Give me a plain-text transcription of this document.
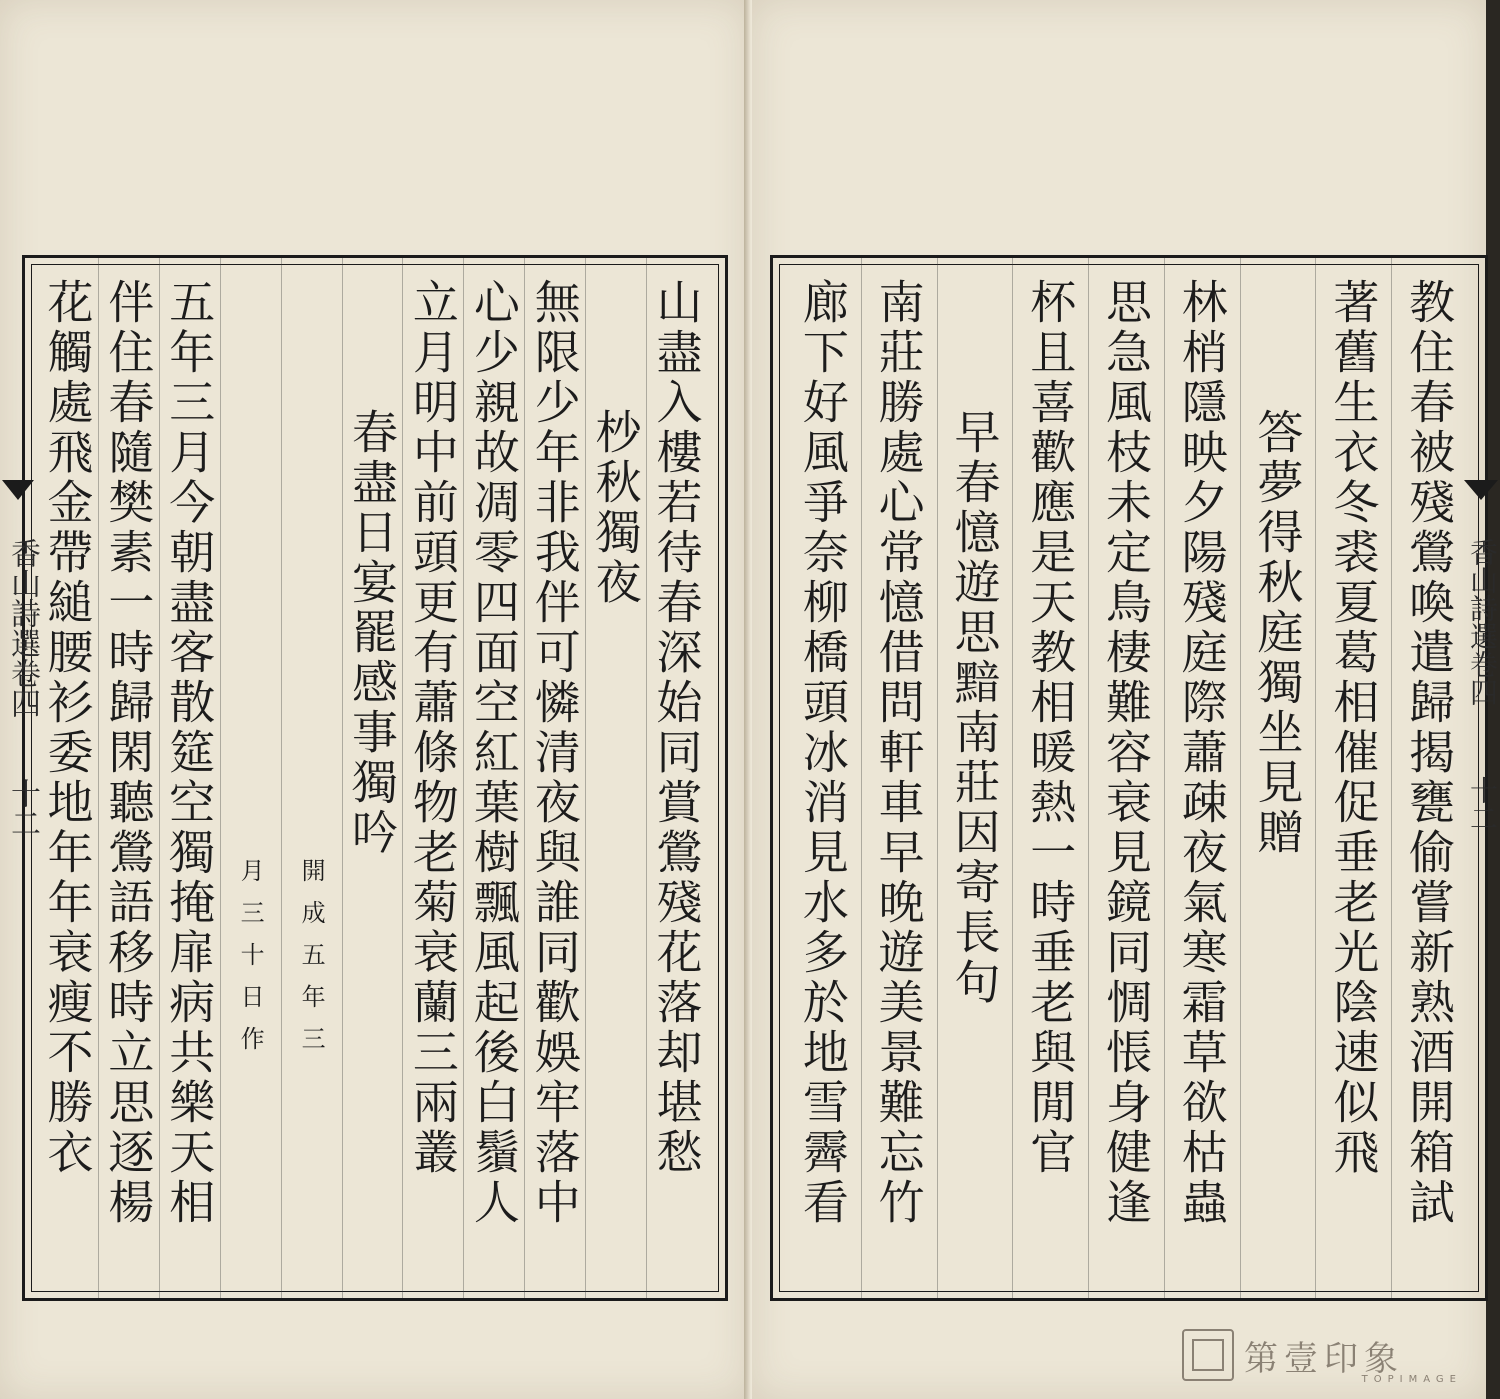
山盡入樓若待春深始同賞鶯殘花落却堪愁
杪秋獨夜
無限少年非我伴可憐清夜與誰同歡娛牢落中
心少親故凋零四面空紅葉樹飄風起後白鬚人
立月明中前頭更有蕭條物老菊衰蘭三兩叢
春盡日宴罷感事獨吟
開成五年三
月三十日作
五年三月今朝盡客散筵空獨掩扉病共樂天相
伴住春隨樊素一時歸閑聽鶯語移時立思逐楊
花觸處飛金帶縋腰衫委地年年衰瘦不勝衣
香山詩選卷四
十二	教住春被殘鶯喚遣歸揭甕偷嘗新熟酒開箱試
著舊生衣冬裘夏葛相催促垂老光陰速似飛
答夢得秋庭獨坐見贈
林梢隱映夕陽殘庭際蕭疎夜氣寒霜草欲枯蟲
思急風枝未定鳥棲難容衰見鏡同惆悵身健逢
杯且喜歡應是天教相暖熱一時垂老與閒官
早春憶遊思黯南莊因寄長句
南莊勝處心常憶借問軒車早晚遊美景難忘竹
廊下好風爭奈柳橋頭冰消見水多於地雪霽看	香山詩選卷四
十二
第壹印象
TOPIMAGE
